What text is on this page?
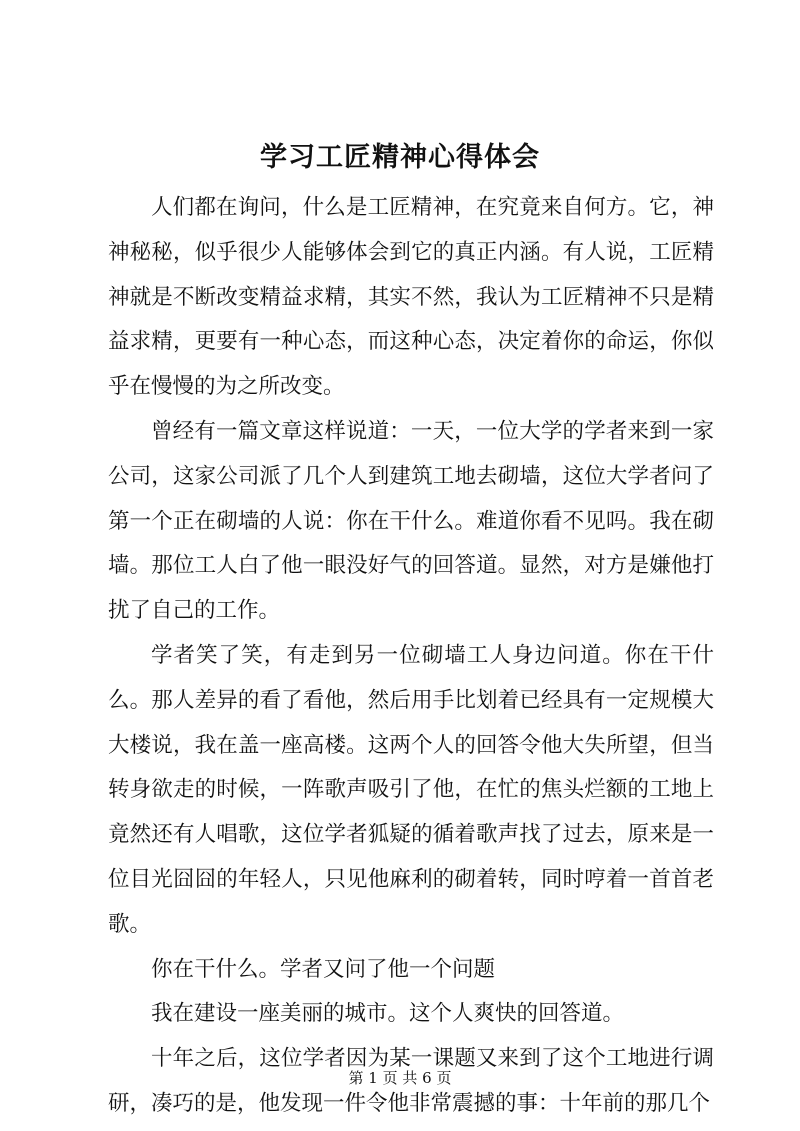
学习工匠精神心得体会

人们都在询问，什么是工匠精神，在究竟来自何方。它，神神秘秘，似乎很少人能够体会到它的真正内涵。有人说，工匠精神就是不断改变精益求精，其实不然，我认为工匠精神不只是精益求精，更要有一种心态，而这种心态，决定着你的命运，你似乎在慢慢的为之所改变。

曾经有一篇文章这样说道：一天，一位大学的学者来到一家公司，这家公司派了几个人到建筑工地去砌墙，这位大学者问了第一个正在砌墙的人说：你在干什么。难道你看不见吗。我在砌墙。那位工人白了他一眼没好气的回答道。显然，对方是嫌他打扰了自己的工作。

学者笑了笑，有走到另一位砌墙工人身边问道。你在干什么。那人差异的看了看他，然后用手比划着已经具有一定规模大大楼说，我在盖一座高楼。这两个人的回答令他大失所望，但当转身欲走的时候，一阵歌声吸引了他，在忙的焦头烂额的工地上竟然还有人唱歌，这位学者狐疑的循着歌声找了过去，原来是一位目光囧囧的年轻人，只见他麻利的砌着转，同时哼着一首首老歌。

你在干什么。学者又问了他一个问题

我在建设一座美丽的城市。这个人爽快的回答道。

十年之后，这位学者因为某一课题又来到了这个工地进行调研，凑巧的是，他发现一件令他非常震撼的事：十年前的那几个

第 1 页 共 6 页
